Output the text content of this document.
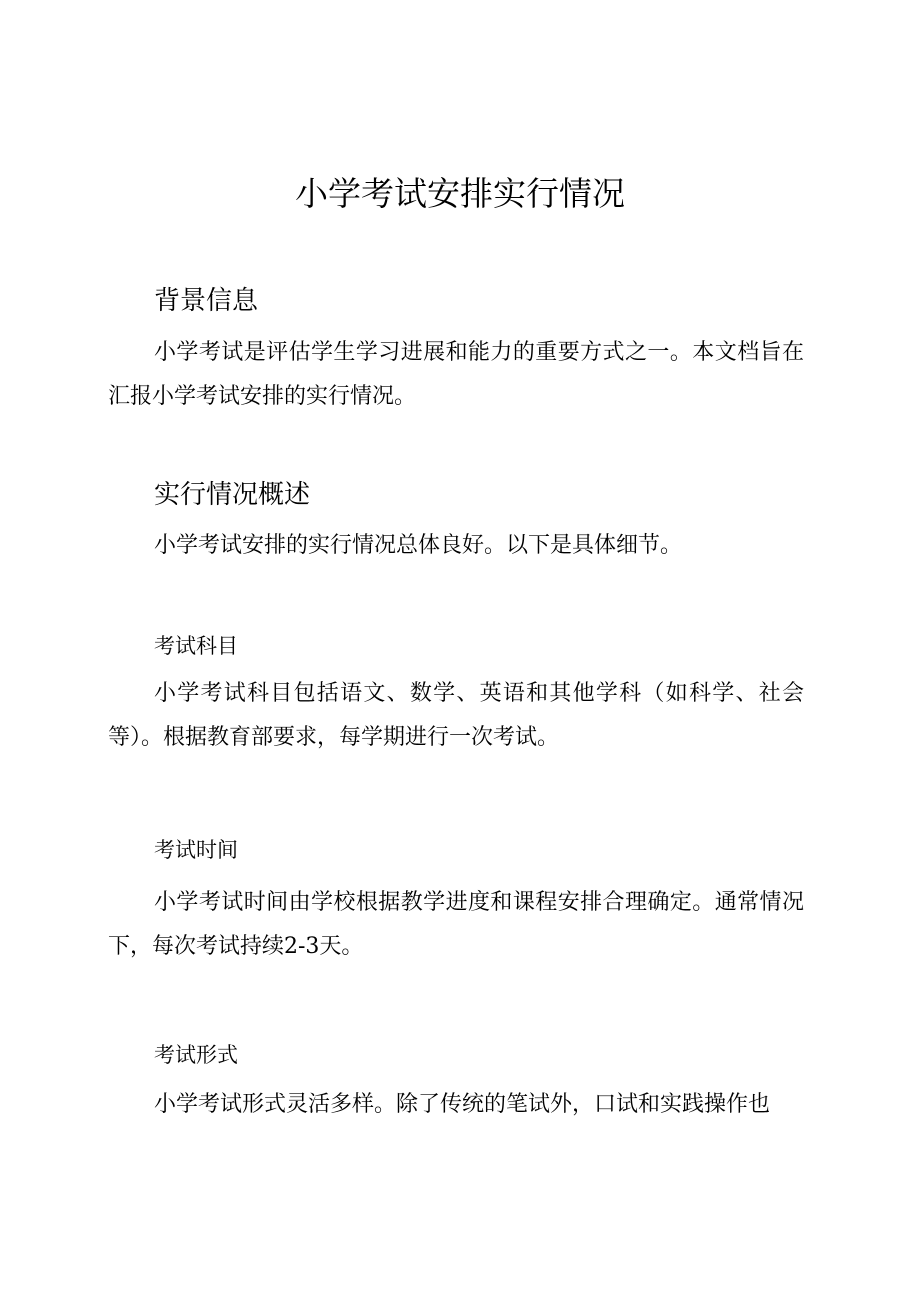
小学考试安排实行情况
背景信息

小学考试是评估学生学习进展和能力的重要方式之一。本文档旨在汇报小学考试安排的实行情况。

实行情况概述

小学考试安排的实行情况总体良好。以下是具体细节。

考试科目

小学考试科目包括语文、数学、英语和其他学科（如科学、社会等）。根据教育部要求，每学期进行一次考试。

考试时间

小学考试时间由学校根据教学进度和课程安排合理确定。通常情况下，每次考试持续2-3天。

考试形式

小学考试形式灵活多样。除了传统的笔试外，口试和实践操作也
